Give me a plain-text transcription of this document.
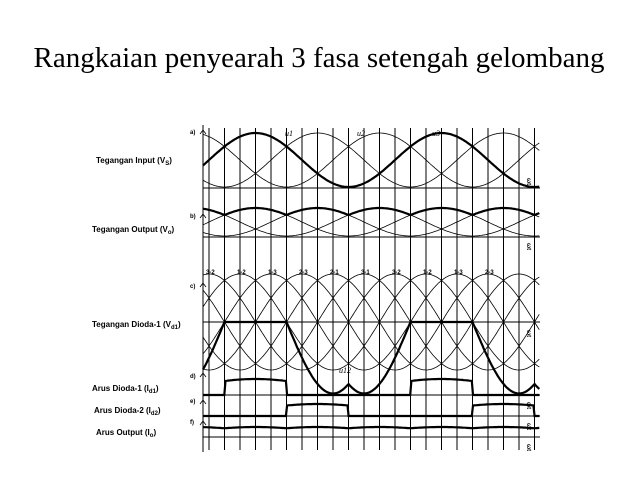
Rangkaian penyearah 3 fasa setengah gelombang
a)
Tegangan Input $(V_S)$
b)
Tegangan Output $(V_o)$
c)
Tegangan Dioda-1 $(V_{d1})$
d)
Arus Dioda-1 $(I_{d1})$
e)
Arus Dioda-2 $(I_{d2})$
f)
Arus Output $(I_o)$
u1	u2	u3
u12
3-2	1-2	1-3	2-3	2-1	3-1	3-2	1-2	1-3	2-3
ωt
ωt
ωt
ωt
ωt
ωt
